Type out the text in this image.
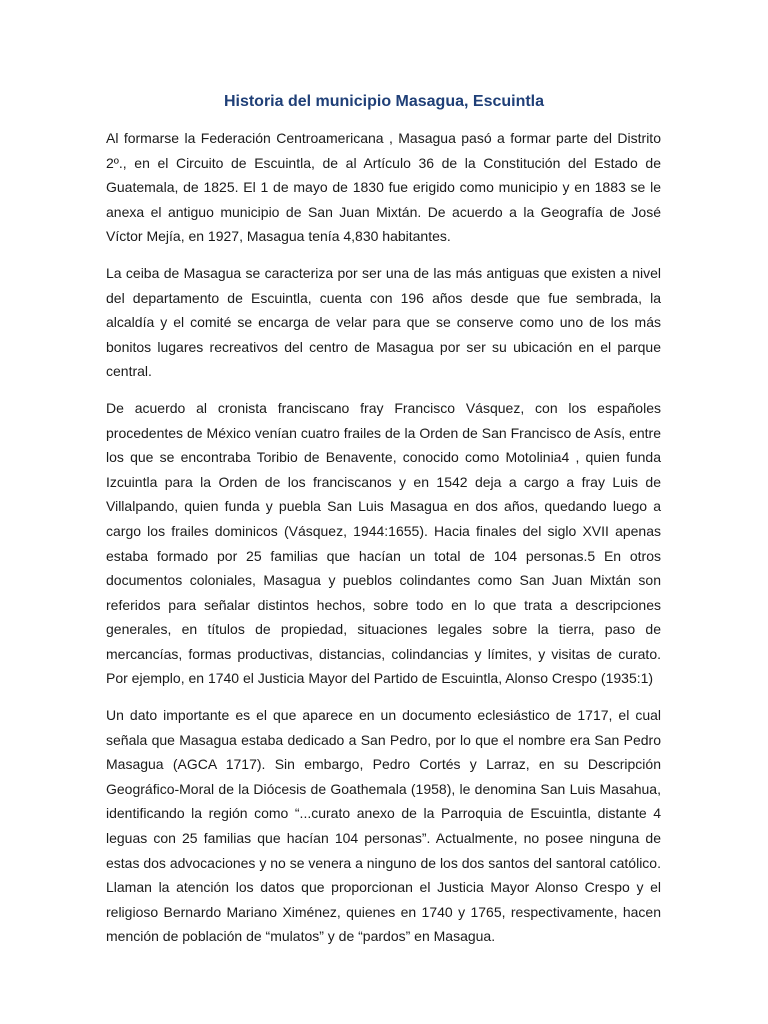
Historia del municipio Masagua, Escuintla

Al formarse la Federación Centroamericana , Masagua pasó a formar parte del Distrito 2º., en el Circuito de Escuintla, de al Artículo 36 de la Constitución del Estado de Guatemala, de 1825. El 1 de mayo de 1830 fue erigido como municipio y en 1883 se le anexa el antiguo municipio de San Juan Mixtán. De acuerdo a la Geografía de José Víctor Mejía, en 1927, Masagua tenía 4,830 habitantes.

La ceiba de Masagua se caracteriza por ser una de las más antiguas que existen a nivel del departamento de Escuintla, cuenta con 196 años desde que fue sembrada, la alcaldía y el comité se encarga de velar para que se conserve como uno de los más bonitos lugares recreativos del centro de Masagua por ser su ubicación en el parque central.

De acuerdo al cronista franciscano fray Francisco Vásquez, con los españoles procedentes de México venían cuatro frailes de la Orden de San Francisco de Asís, entre los que se encontraba Toribio de Benavente, conocido como Motolinia4 , quien funda Izcuintla para la Orden de los franciscanos y en 1542 deja a cargo a fray Luis de Villalpando, quien funda y puebla San Luis Masagua en dos años, quedando luego a cargo los frailes dominicos (Vásquez, 1944:1655). Hacia finales del siglo XVII apenas estaba formado por 25 familias que hacían un total de 104 personas.5 En otros documentos coloniales, Masagua y pueblos colindantes como San Juan Mixtán son referidos para señalar distintos hechos, sobre todo en lo que trata a descripciones generales, en títulos de propiedad, situaciones legales sobre la tierra, paso de mercancías, formas productivas, distancias, colindancias y límites, y visitas de curato. Por ejemplo, en 1740 el Justicia Mayor del Partido de Escuintla, Alonso Crespo (1935:1)

Un dato importante es el que aparece en un documento eclesiástico de 1717, el cual señala que Masagua estaba dedicado a San Pedro, por lo que el nombre era San Pedro Masagua (AGCA 1717). Sin embargo, Pedro Cortés y Larraz, en su Descripción Geográfico-Moral de la Diócesis de Goathemala (1958), le denomina San Luis Masahua, identificando la región como “...curato anexo de la Parroquia de Escuintla, distante 4 leguas con 25 familias que hacían 104 personas”. Actualmente, no posee ninguna de estas dos advocaciones y no se venera a ninguno de los dos santos del santoral católico. Llaman la atención los datos que proporcionan el Justicia Mayor Alonso Crespo y el religioso Bernardo Mariano Ximénez, quienes en 1740 y 1765, respectivamente, hacen mención de población de “mulatos” y de “pardos” en Masagua.
